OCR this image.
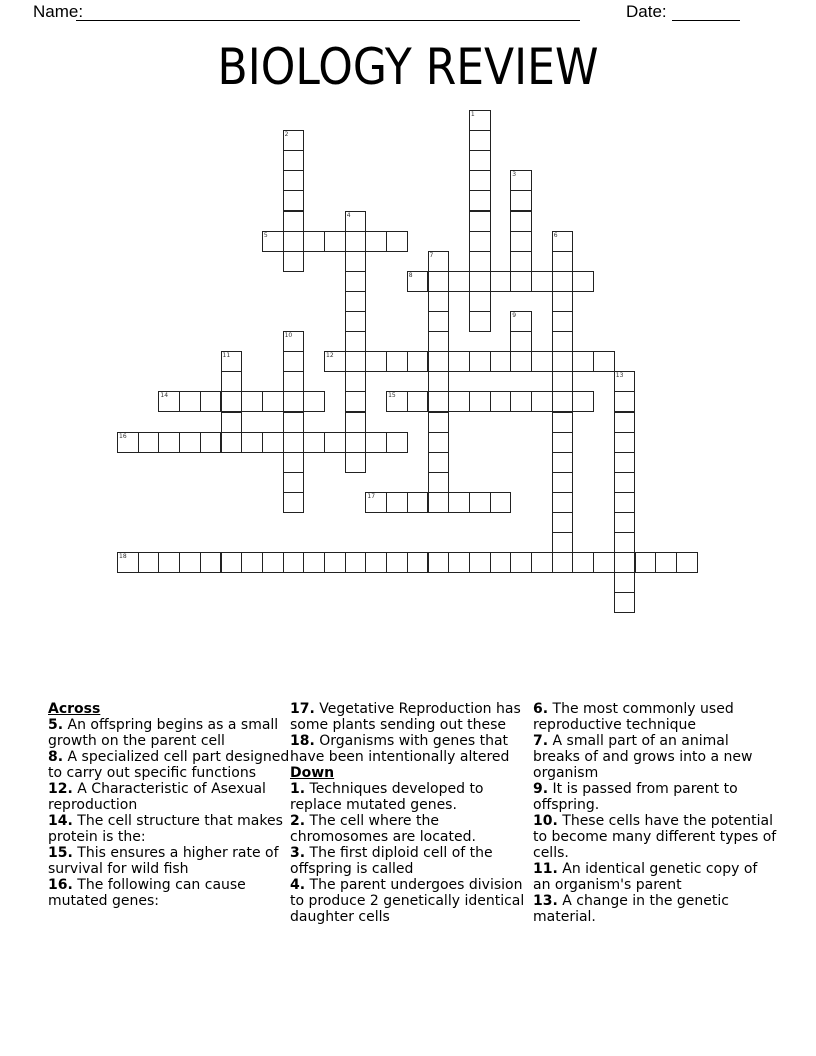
Name:	Date:
BIOLOGY REVIEW
1
2
3
4
5	6
7
8
9
10
11	12
13
14	15
16
17
18
Across
5. An offspring begins as a small growth on the parent cell
8. A specialized cell part designed to carry out specific functions
12. A Characteristic of Asexual reproduction
14. The cell structure that makes protein is the:
15. This ensures a higher rate of survival for wild fish
16. The following can cause mutated genes:
17. Vegetative Reproduction has some plants sending out these
18. Organisms with genes that have been intentionally altered
Down
1. Techniques developed to replace mutated genes.
2. The cell where the chromosomes are located.
3. The first diploid cell of the offspring is called
4. The parent undergoes division to produce 2 genetically identical daughter cells
6. The most commonly used reproductive technique
7. A small part of an animal breaks of and grows into a new organism
9. It is passed from parent to offspring.
10. These cells have the potential to become many different types of cells.
11. An identical genetic copy of an organism's parent
13. A change in the genetic material.
